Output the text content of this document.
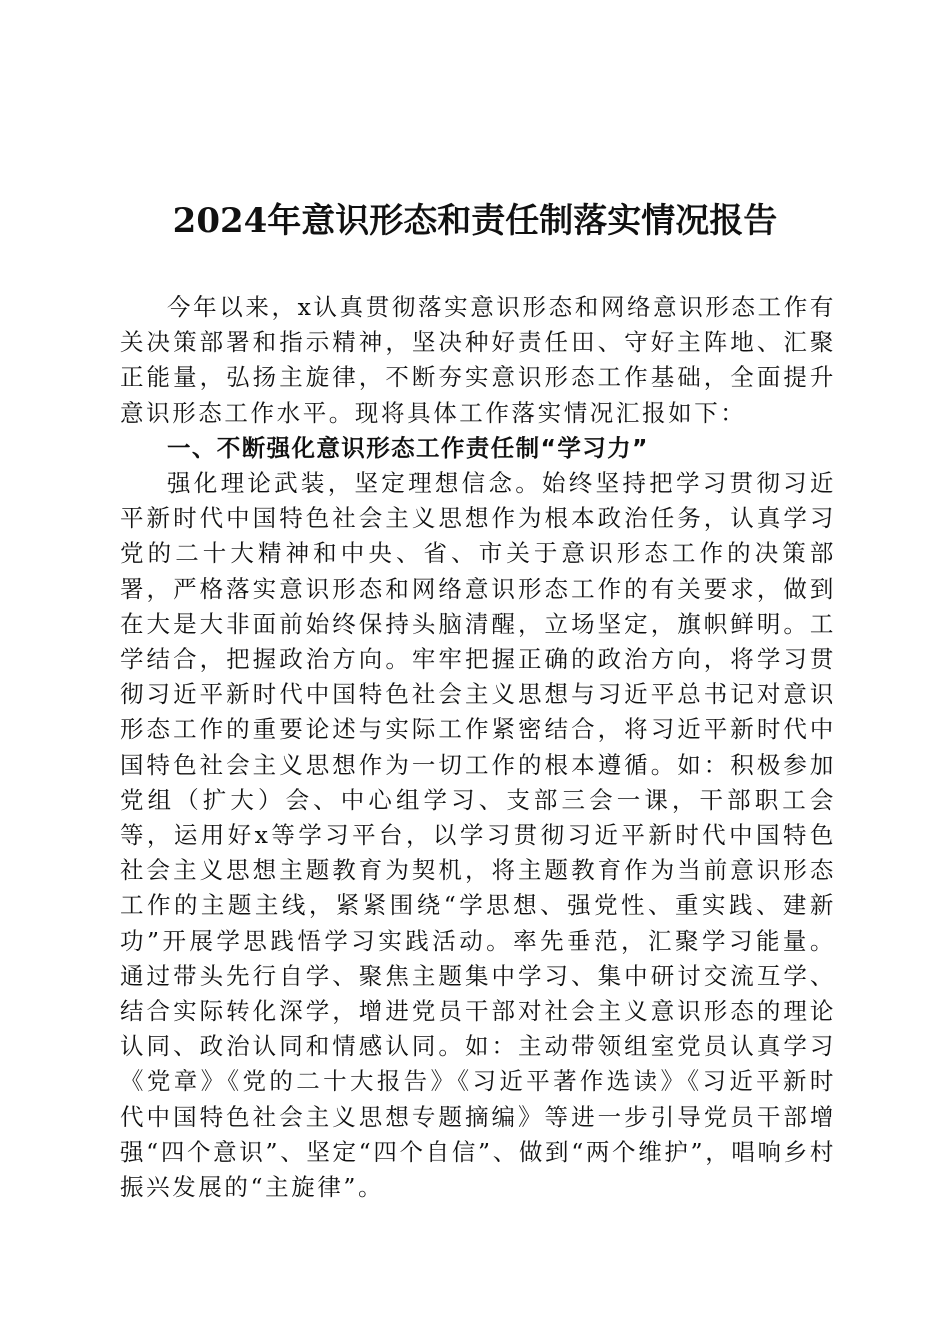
2024年意识形态和责任制落实情况报告

今年以来，x认真贯彻落实意识形态和网络意识形态工作有关决策部署和指示精神，坚决种好责任田、守好主阵地、汇聚正能量，弘扬主旋律，不断夯实意识形态工作基础，全面提升意识形态工作水平。现将具体工作落实情况汇报如下：

一、不断强化意识形态工作责任制“学习力”

强化理论武装，坚定理想信念。始终坚持把学习贯彻习近平新时代中国特色社会主义思想作为根本政治任务，认真学习党的二十大精神和中央、省、市关于意识形态工作的决策部署，严格落实意识形态和网络意识形态工作的有关要求，做到在大是大非面前始终保持头脑清醒，立场坚定，旗帜鲜明。工学结合，把握政治方向。牢牢把握正确的政治方向，将学习贯彻习近平新时代中国特色社会主义思想与习近平总书记对意识形态工作的重要论述与实际工作紧密结合，将习近平新时代中国特色社会主义思想作为一切工作的根本遵循。如：积极参加党组（扩大）会、中心组学习、支部三会一课，干部职工会等，运用好x等学习平台，以学习贯彻习近平新时代中国特色社会主义思想主题教育为契机，将主题教育作为当前意识形态工作的主题主线，紧紧围绕“学思想、强党性、重实践、建新功”开展学思践悟学习实践活动。率先垂范，汇聚学习能量。通过带头先行自学、聚焦主题集中学习、集中研讨交流互学、结合实际转化深学，增进党员干部对社会主义意识形态的理论认同、政治认同和情感认同。如：主动带领组室党员认真学习《党章》《党的二十大报告》《习近平著作选读》《习近平新时代中国特色社会主义思想专题摘编》等进一步引导党员干部增强“四个意识”、坚定“四个自信”、做到“两个维护”，唱响乡村振兴发展的“主旋律”。
